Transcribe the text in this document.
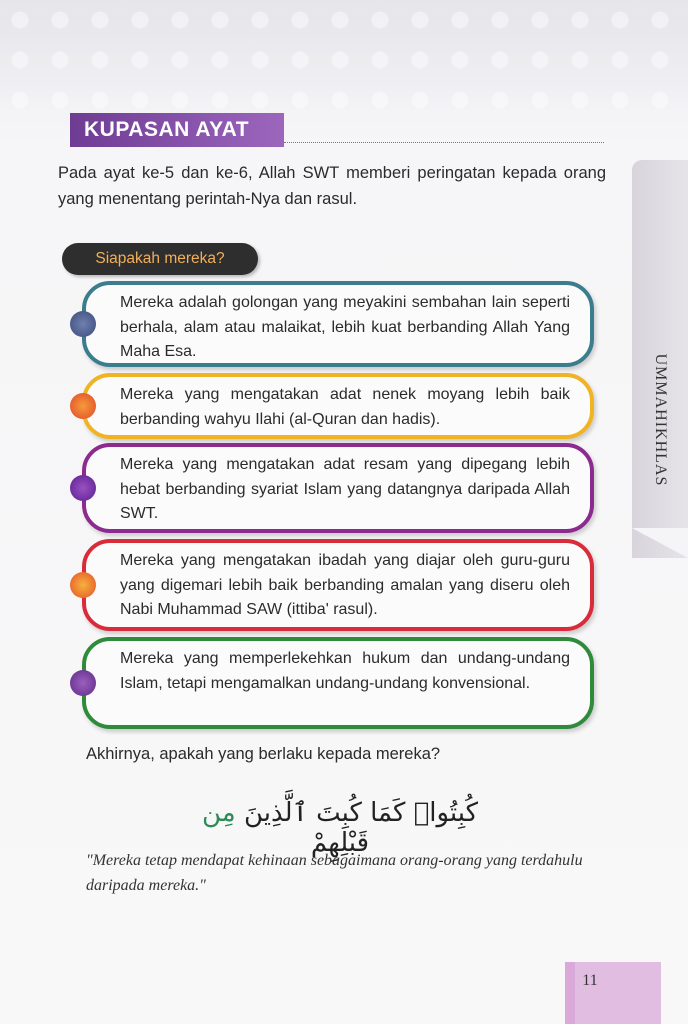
KUPASAN AYAT
Pada ayat ke-5 dan ke-6, Allah SWT memberi peringatan kepada orang yang menentang perintah-Nya dan rasul.
Siapakah mereka?
Mereka adalah golongan yang meyakini sembahan lain seperti berhala, alam atau malaikat, lebih kuat berbanding Allah Yang Maha Esa.
Mereka yang mengatakan adat nenek moyang lebih baik berbanding wahyu Ilahi (al-Quran dan hadis).
Mereka yang mengatakan adat resam yang dipegang lebih hebat berbanding syariat Islam yang datangnya daripada Allah SWT.
Mereka yang mengatakan ibadah yang diajar oleh guru-guru yang digemari lebih baik berbanding amalan yang diseru oleh Nabi Muhammad SAW (ittiba' rasul).
Mereka yang memperlekehkan hukum dan undang-undang Islam, tetapi mengamalkan undang-undang konvensional.
Akhirnya, apakah yang berlaku kepada mereka?
كُبِتُوا۟ كَمَا كُبِتَ ٱلَّذِينَ مِن قَبْلِهِمْ
"Mereka tetap mendapat kehinaan sebagaimana orang-orang yang terdahulu daripada mereka."
UMMAHIKHLAS
11
